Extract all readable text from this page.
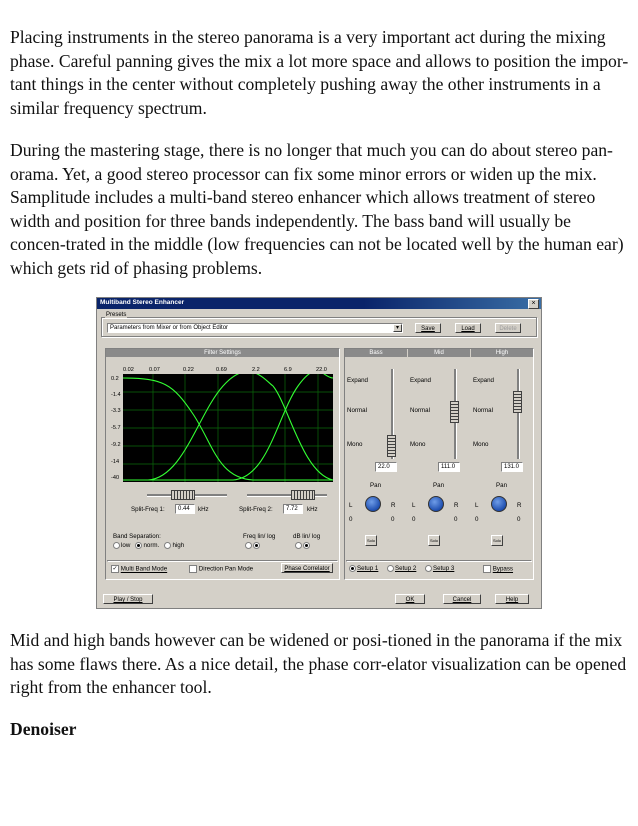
Placing instruments in the stereo panorama is a very important act during the mixing phase. Careful panning gives the mix a lot more space and allows to position the impor-tant things in the center without completely pushing away the other instruments in a similar frequency spectrum.

During the mastering stage, there is no longer that much you can do about stereo pan-orama. Yet, a good stereo processor can fix some minor errors or widen up the mix. Samplitude includes a multi-band stereo enhancer which allows treatment of stereo width and position for three bands independently. The bass band will usually be concen-trated in the middle (low frequencies can not be located well by the human ear) which gets rid of phasing problems.

Multiband Stereo Enhancer	×
Presets
Parameters from Mixer or from Object Editor	▾	Save	Load	Delete
Filter Settings
0.02	0.07	0.22	0.69	2.2	6.9	22.0
0.2
-1.4
-3.3
-5.7
-9.2
-14
-40
Split-Freq 1:	0.44	kHz	Split-Freq 2:	7.72	kHz
Band Separation:
low norm. high
Freq lin/ log	dB lin/ log
✓ Multi Band Mode	Direction Pan Mode	Phase Correlator
Bass
Expand
Normal
Mono
22.0
Pan
L	R
0	0
Solo
Mid
Expand
Normal
Mono
111.0
Pan
L	R
0	0
Solo
High
Expand
Normal
Mono
131.0
Pan
L	R
0	0
Solo
Setup 1	Setup 2	Setup 3	Bypass
Play / Stop	OK	Cancel	Help

Mid and high bands however can be widened or posi-tioned in the panorama if the mix has some flaws there. As a nice detail, the phase corr-elator visualization can be opened right from the enhancer tool.

Denoiser
